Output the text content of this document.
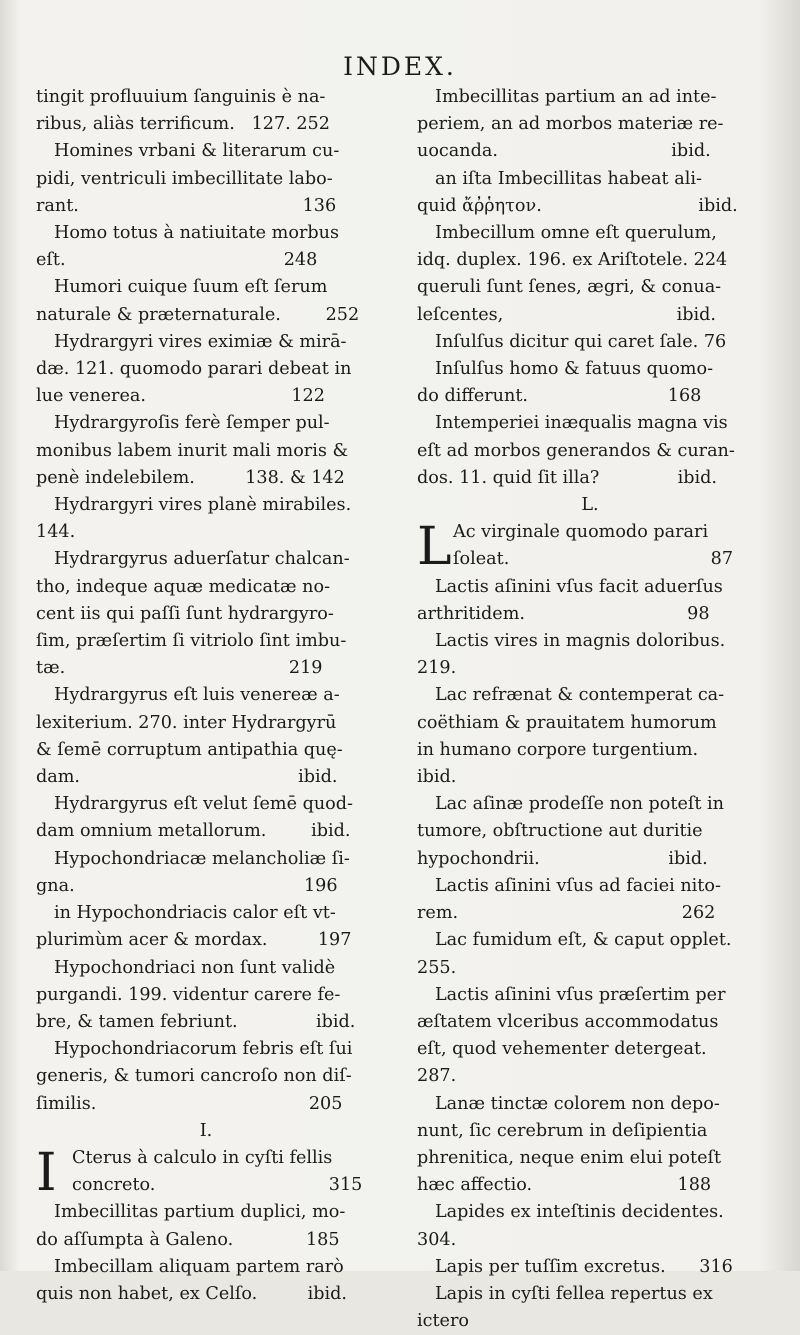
INDEX.
tingit profluuium ſanguinis è na-
ribus, aliàs terrificum.   127. 252
Homines vrbani & literarum cu-
pidi, ventriculi imbecillitate labo-
rant.                                        136
Homo totus à natiuitate morbus
eſt.                                       248
Humori cuique ſuum eſt ſerum
naturale & præternaturale.        252
Hydrargyri vires eximiæ & mirā-
dæ. 121. quomodo parari debeat in
lue venerea.                          122
Hydrargyroſis ferè ſemper pul-
monibus labem inurit mali moris &
penè indelebilem.         138. & 142
Hydrargyri vires planè mirabiles.
144.
Hydrargyrus aduerſatur chalcan-
tho, indeque aquæ medicatæ no-
cent iis qui paſſi ſunt hydrargyro-
ſim, præſertim ſi vitriolo ſint imbu-
tæ.                                        219
Hydrargyrus eſt luis venereæ a-
lexiterium. 270. inter Hydrargyrū
& ſemē corruptum antipathia quę-
dam.                                       ibid.
Hydrargyrus eſt velut ſemē quod-
dam omnium metallorum.        ibid.
Hypochondriacæ melancholiæ ſi-
gna.                                         196
in Hypochondriacis calor eſt vt-
plurimùm acer & mordax.         197
Hypochondriaci non ſunt validè
purgandi. 199. videntur carere fe-
bre, & tamen febriunt.              ibid.
Hypochondriacorum febris eſt ſui
generis, & tumori cancroſo non diſ-
ſimilis.                                      205
I.
I Cterus à calculo in cyſti fellis
concreto.                               315
Imbecillitas partium duplici, mo-
do aſſumpta à Galeno.             185
Imbecillam aliquam partem rarò
quis non habet, ex Celſo.         ibid.
Imbecillitas partium an ad inte-
periem, an ad morbos materiæ re-
uocanda.                               ibid.
an iſta Imbecillitas habeat ali-
quid ἄῤῥητον.                            ibid.
Imbecillum omne eſt querulum,
idq. duplex. 196. ex Ariſtotele. 224
queruli ſunt ſenes, ægri, & conua-
leſcentes,                               ibid.
Inſulſus dicitur qui caret ſale. 76
Inſulſus homo & fatuus quomo-
do differunt.                         168
Intemperiei inæqualis magna vis
eſt ad morbos generandos & curan-
dos. 11. quid ſit illa?              ibid.
L.
L Ac virginale quomodo parari
ſoleat.                                    87
Lactis aſinini vſus facit aduerſus
arthritidem.                             98
Lactis vires in magnis doloribus.
219.
Lac refrænat & contemperat ca-
coëthiam & prauitatem humorum
in humano corpore turgentium.
ibid.
Lac aſinæ prodeſſe non poteſt in
tumore, obſtructione aut duritie
hypochondrii.                       ibid.
Lactis aſinini vſus ad faciei nito-
rem.                                        262
Lac fumidum eſt, & caput opplet.
255.
Lactis aſinini vſus præſertim per
æſtatem vlceribus accommodatus
eſt, quod vehementer detergeat.
287.
Lanæ tinctæ colorem non depo-
nunt, ſic cerebrum in deſipientia
phrenitica, neque enim elui poteſt
hæc affectio.                          188
Lapides ex inteſtinis decidentes.
304.
Lapis per tuſſim excretus.      316
Lapis in cyſti fellea repertus ex
ictero
